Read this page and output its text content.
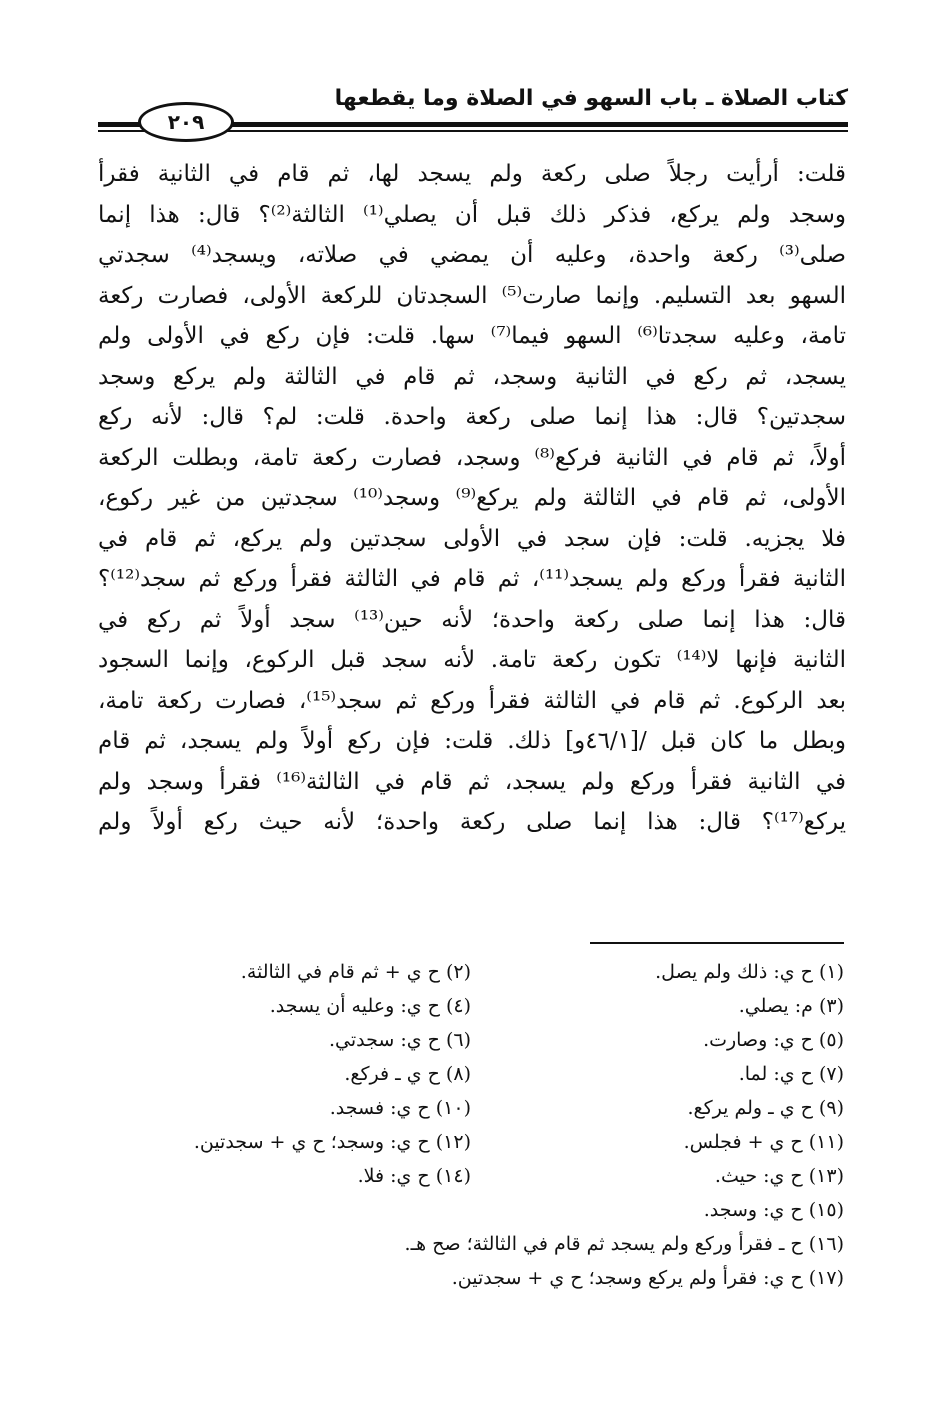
كتاب الصلاة ـ باب السهو في الصلاة وما يقطعها
٢٠٩
قلت: أرأيت رجلاً صلى ركعة ولم يسجد لها، ثم قام في الثانية فقرأ
وسجد ولم يركع، فذكر ذلك قبل أن يصلي⁽¹⁾ الثالثة⁽²⁾؟ قال: هذا إنما
صلى⁽³⁾ ركعة واحدة، وعليه أن يمضي في صلاته، ويسجد⁽⁴⁾ سجدتي
السهو بعد التسليم. وإنما صارت⁽⁵⁾ السجدتان للركعة الأولى، فصارت ركعة
تامة، وعليه سجدتا⁽⁶⁾ السهو فيما⁽⁷⁾ سها. قلت: فإن ركع في الأولى ولم
يسجد، ثم ركع في الثانية وسجد، ثم قام في الثالثة ولم يركع وسجد
سجدتين؟ قال: هذا إنما صلى ركعة واحدة. قلت: لم؟ قال: لأنه ركع
أولاً، ثم قام في الثانية فركع⁽⁸⁾ وسجد، فصارت ركعة تامة، وبطلت الركعة
الأولى، ثم قام في الثالثة ولم يركع⁽⁹⁾ وسجد⁽¹⁰⁾ سجدتين من غير ركوع،
فلا يجزيه. قلت: فإن سجد في الأولى سجدتين ولم يركع، ثم قام في
الثانية فقرأ وركع ولم يسجد⁽¹¹⁾، ثم قام في الثالثة فقرأ وركع ثم سجد⁽¹²⁾؟
قال: هذا إنما صلى ركعة واحدة؛ لأنه حين⁽¹³⁾ سجد أولاً ثم ركع في
الثانية فإنها لا⁽¹⁴⁾ تكون ركعة تامة. لأنه سجد قبل الركوع، وإنما السجود
بعد الركوع. ثم قام في الثالثة فقرأ وركع ثم سجد⁽¹⁵⁾، فصارت ركعة تامة،
وبطل ما كان قبل /[٤٦/١و] ذلك. قلت: فإن ركع أولاً ولم يسجد، ثم قام
في الثانية فقرأ وركع ولم يسجد، ثم قام في الثالثة⁽¹⁶⁾ فقرأ وسجد ولم
يركع⁽¹⁷⁾؟ قال: هذا إنما صلى ركعة واحدة؛ لأنه حيث ركع أولاً ولم
(١) ح ي: ذلك ولم يصل.
(٢) ح ي + ثم قام في الثالثة.
(٣) م: يصلي.
(٤) ح ي: وعليه أن يسجد.
(٥) ح ي: وصارت.
(٦) ح ي: سجدتي.
(٧) ح ي: لما.
(٨) ح ي ـ فركع.
(٩) ح ي ـ ولم يركع.
(١٠) ح ي: فسجد.
(١١) ح ي + فجلس.
(١٢) ح ي: وسجد؛ ح ي + سجدتين.
(١٣) ح ي: حيث.
(١٤) ح ي: فلا.
(١٥) ح ي: وسجد.
(١٦) ح ـ فقرأ وركع ولم يسجد ثم قام في الثالثة؛ صح هـ.
(١٧) ح ي: فقرأ ولم يركع وسجد؛ ح ي + سجدتين.
